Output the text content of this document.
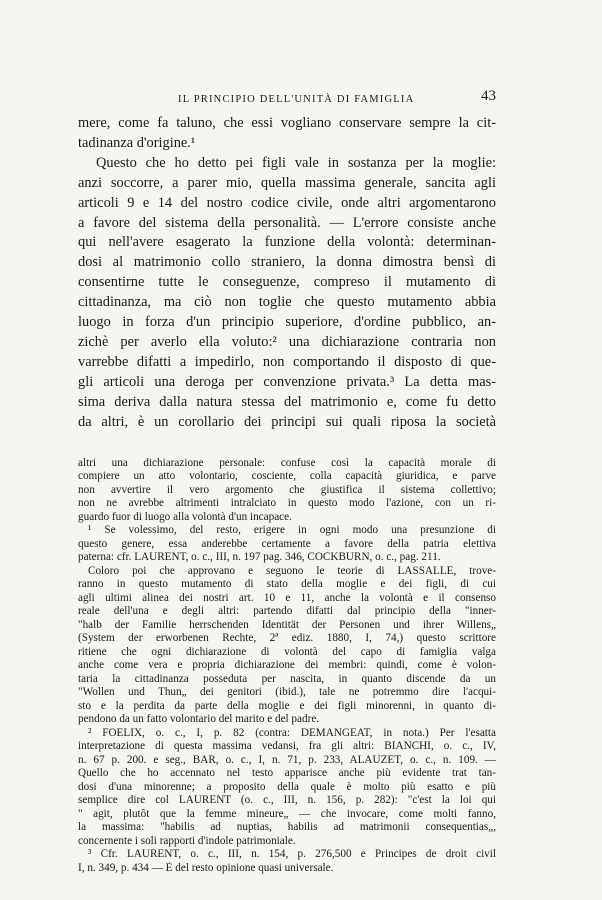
IL PRINCIPIO DELL'UNITÀ DI FAMIGLIA	43
mere, come fa taluno, che essi vogliano conservare sempre la cit-
tadinanza d'origine.¹
Questo che ho detto pei figli vale in sostanza per la moglie:
anzi soccorre, a parer mio, quella massima generale, sancita agli
articoli 9 e 14 del nostro codice civile, onde altri argomentarono
a favore del sistema della personalità. — L'errore consiste anche
qui nell'avere esagerato la funzione della volontà: determinan-
dosi al matrimonio collo straniero, la donna dimostra bensì di
consentirne tutte le conseguenze, compreso il mutamento di
cittadinanza, ma ciò non toglie che questo mutamento abbia
luogo in forza d'un principio superiore, d'ordine pubblico, an-
zichè per averlo ella voluto:² una dichiarazione contraria non
varrebbe difatti a impedirlo, non comportando il disposto di que-
gli articoli una deroga per convenzione privata.³ La detta mas-
sima deriva dalla natura stessa del matrimonio e, come fu detto
da altri, è un corollario dei principi sui quali riposa la società
altri una dichiarazione personale: confuse così la capacità morale di
compiere un atto volontario, cosciente, colla capacità giuridica, e parve
non avvertire il vero argomento che giustifica il sistema collettivo;
non ne avrebbe altrimenti intralciato in questo modo l'azione, con un ri-
guardo fuor di luogo alla volontà d'un incapace.
¹ Se volessimo, del resto, erigere in ogni modo una presunzione di
questo genere, essa anderebbe certamente a favore della patria elettiva
paterna: cfr. LAURENT, o. c., III, n. 197 pag. 346, COCKBURN, o. c., pag. 211.
Coloro poi che approvano e seguono le teorie di LASSALLE, trove-
ranno in questo mutamento di stato della moglie e dei figli, di cui
agli ultimi alinea dei nostri art. 10 e 11, anche la volontà e il consenso
reale dell'una e degli altri: partendo difatti dal principio della "inner-
"halb der Familie herrschenden Identität der Personen und ihrer Willens„
(System der erworbenen Rechte, 2ª ediz. 1880, I, 74,) questo scrittore
ritiene che ogni dichiarazione di volontà del capo di famiglia valga
anche come vera e propria dichiarazione dei membri: quindi, come è volon-
taria la cittadinanza posseduta per nascita, in quanto discende da un
"Wollen und Thun„ dei genitori (ibid.), tale ne potremmo dire l'acqui-
sto e la perdita da parte della moglie e dei figli minorenni, in quanto di-
pendono da un fatto volontario del marito e del padre.
² FOELIX, o. c., I, p. 82 (contra: DEMANGEAT, in nota.) Per l'esatta
interpretazione di questa massima vedansi, fra gli altri: BIANCHI, o. c., IV,
n. 67 p. 200. e seg., BAR, o. c., I, n. 71, p. 233, ALAUZET, o. c., n. 109. —
Quello che ho accennato nel testo apparisce anche più evidente trat tan-
dosi d'una minorenne; a proposito della quale è molto più esatto e più
semplice dire col LAURENT (o. c., III, n. 156, p. 282): "c'est la loi qui
" agit, plutôt que la femme mineure„ — che invocare, come molti fanno,
la massima: "habilis ad nuptias, habilis ad matrimonii consequentias„,
concernente i soli rapporti d'indole patrimoniale.
³ Cfr. LAURENT, o. c., III, n. 154, p. 276,500 e Principes de droit civil
I, n. 349, p. 434 — È del resto opinione quasi universale.
